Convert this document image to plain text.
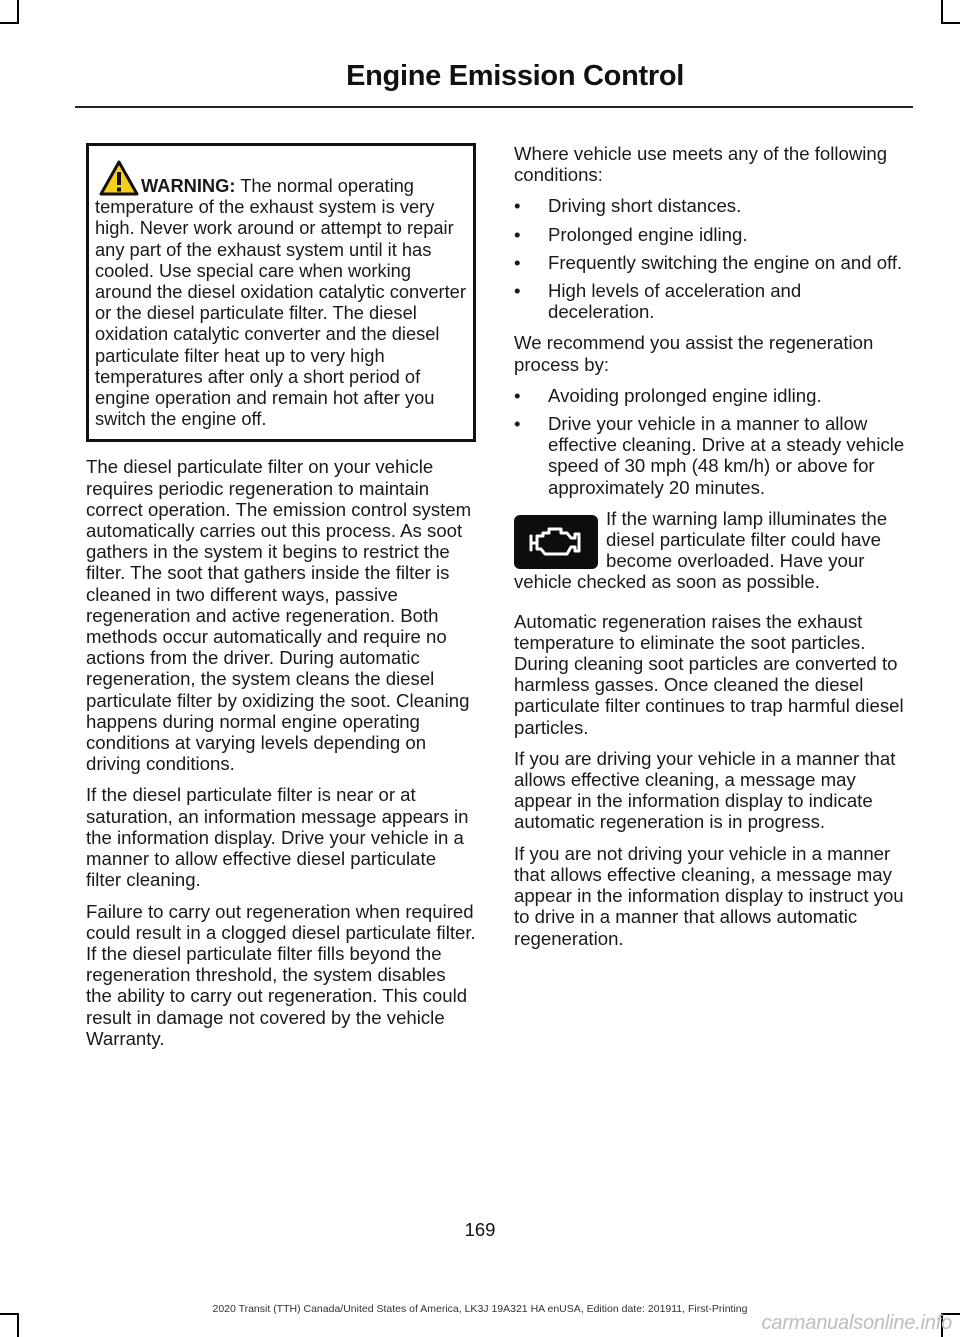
Engine Emission Control
WARNING: The normal operating temperature of the exhaust system is very high. Never work around or attempt to repair any part of the exhaust system until it has cooled. Use special care when working around the diesel oxidation catalytic converter or the diesel particulate filter. The diesel oxidation catalytic converter and the diesel particulate filter heat up to very high temperatures after only a short period of engine operation and remain hot after you switch the engine off.

The diesel particulate filter on your vehicle requires periodic regeneration to maintain correct operation. The emission control system automatically carries out this process. As soot gathers in the system it begins to restrict the filter. The soot that gathers inside the filter is cleaned in two different ways, passive regeneration and active regeneration. Both methods occur automatically and require no actions from the driver. During automatic regeneration, the system cleans the diesel particulate filter by oxidizing the soot. Cleaning happens during normal engine operating conditions at varying levels depending on driving conditions.

If the diesel particulate filter is near or at saturation, an information message appears in the information display. Drive your vehicle in a manner to allow effective diesel particulate filter cleaning.

Failure to carry out regeneration when required could result in a clogged diesel particulate filter. If the diesel particulate filter fills beyond the regeneration threshold, the system disables the ability to carry out regeneration. This could result in damage not covered by the vehicle Warranty.

Where vehicle use meets any of the following conditions:

• Driving short distances.
• Prolonged engine idling.
• Frequently switching the engine on and off.
• High levels of acceleration and deceleration.

We recommend you assist the regeneration process by:

• Avoiding prolonged engine idling.
• Drive your vehicle in a manner to allow effective cleaning. Drive at a steady vehicle speed of 30 mph (48 km/h) or above for approximately 20 minutes.
If the warning lamp illuminates the diesel particulate filter could have become overloaded. Have your vehicle checked as soon as possible.

Automatic regeneration raises the exhaust temperature to eliminate the soot particles. During cleaning soot particles are converted to harmless gasses. Once cleaned the diesel particulate filter continues to trap harmful diesel particles.

If you are driving your vehicle in a manner that allows effective cleaning, a message may appear in the information display to indicate automatic regeneration is in progress.

If you are not driving your vehicle in a manner that allows effective cleaning, a message may appear in the information display to instruct you to drive in a manner that allows automatic regeneration.

169
2020 Transit (TTH) Canada/United States of America, LK3J 19A321 HA enUSA, Edition date: 201911, First-Printing
carmanualsonline.info
